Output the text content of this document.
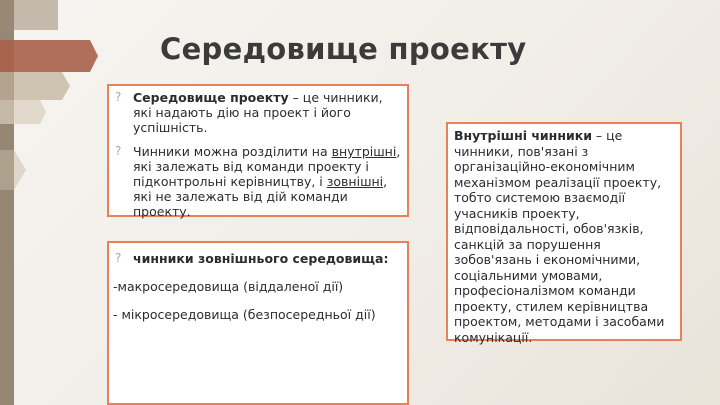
Середовище проекту
? Середовище проекту – це чинники, які надають дію на проект і його успішність.
? Чинники можна розділити на внутрішні, які залежать від команди проекту і підконтрольні керівництву, і зовнішні, які не залежать від дій команди проекту.
? чинники зовнішнього середовища:

-макросередовища (віддаленої дії)

- мікросередовища (безпосередньої дії)

Внутрішні чинники – це чинники, пов'язані з організаційно-економічним механізмом реалізації проекту, тобто системою взаємодії учасників проекту, відповідальності, обов'язків, санкцій за порушення зобов'язань і економічними, соціальними умовами, професіоналізмом команди проекту, стилем керівництва проектом, методами і засобами комунікації.
